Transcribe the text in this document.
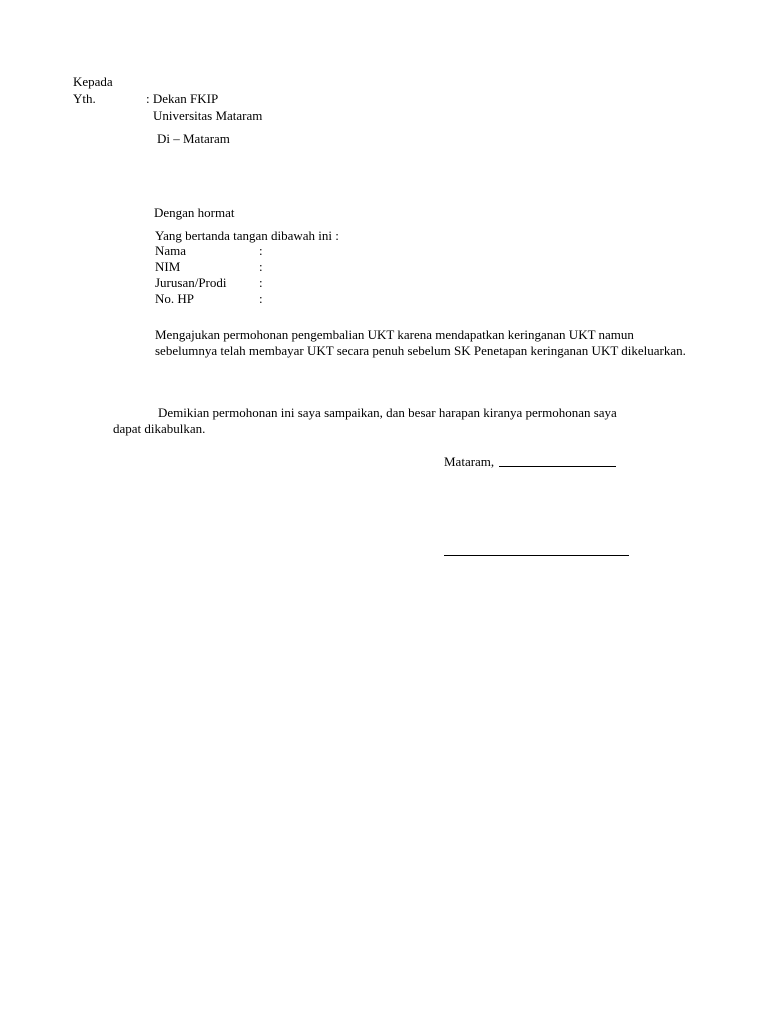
Kepada
Yth.	: Dekan FKIP
Universitas Mataram
Di – Mataram
Dengan hormat
Yang bertanda tangan dibawah ini :
Nama	:
NIM	:
Jurusan/Prodi	:
No. HP	:
Mengajukan permohonan pengembalian UKT karena mendapatkan keringanan UKT namun sebelumnya telah membayar UKT secara penuh sebelum SK Penetapan keringanan UKT dikeluarkan.
Demikian permohonan ini saya sampaikan, dan besar harapan kiranya permohonan saya
dapat dikabulkan.
Mataram,
